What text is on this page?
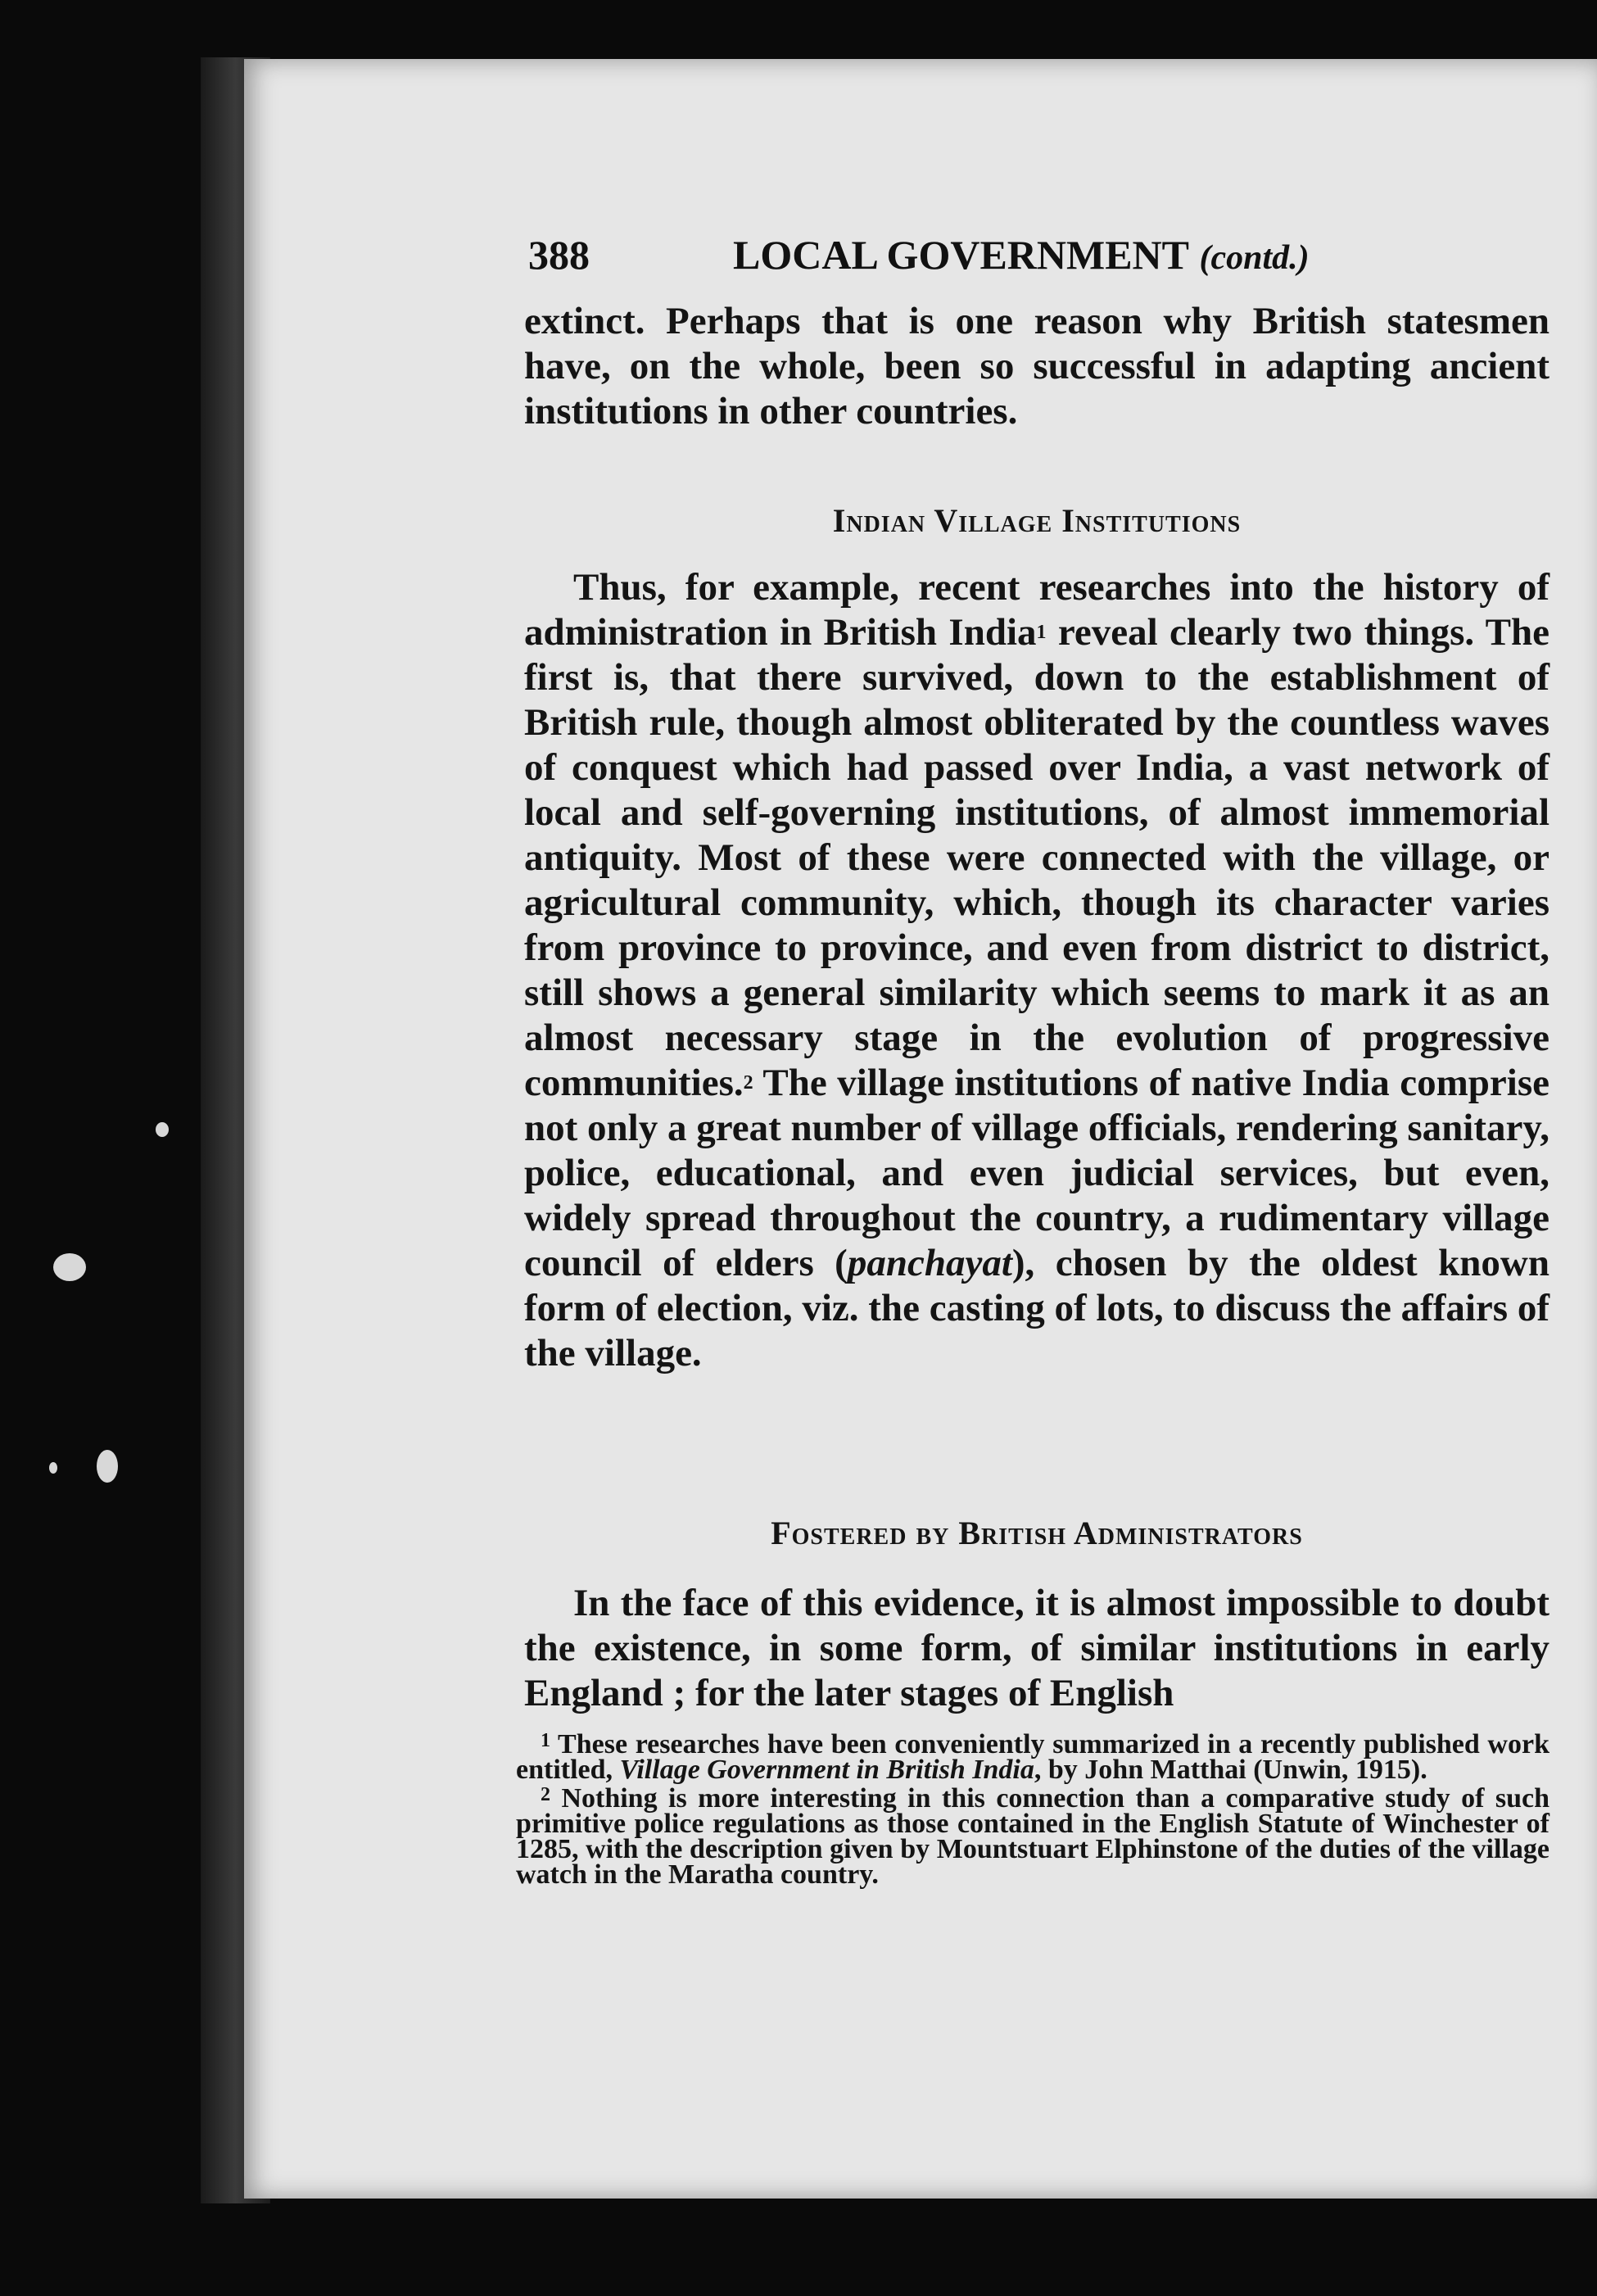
388	LOCAL GOVERNMENT (contd.)
extinct. Perhaps that is one reason why British statesmen have, on the whole, been so successful in adapting ancient institutions in other countries.
Indian Village Institutions
Thus, for example, recent researches into the history of administration in British India$^1$ reveal clearly two things. The first is, that there survived, down to the establishment of British rule, though almost obliterated by the countless waves of conquest which had passed over India, a vast network of local and self-governing institutions, of almost immemorial antiquity. Most of these were connected with the village, or agricultural community, which, though its character varies from province to province, and even from district to district, still shows a general similarity which seems to mark it as an almost necessary stage in the evolution of progressive communities.$^2$ The village institutions of native India comprise not only a great number of village officials, rendering sanitary, police, educational, and even judicial services, but even, widely spread throughout the country, a rudimentary village council of elders (panchayat), chosen by the oldest known form of election, viz. the casting of lots, to discuss the affairs of the village.
Fostered by British Administrators
In the face of this evidence, it is almost impossible to doubt the existence, in some form, of similar institutions in early England ; for the later stages of English

$^1$ These researches have been conveniently summarized in a recently published work entitled, Village Government in British India, by John Matthai (Unwin, 1915).

$^2$ Nothing is more interesting in this connection than a comparative study of such primitive police regulations as those contained in the English Statute of Winchester of 1285, with the description given by Mountstuart Elphinstone of the duties of the village watch in the Maratha country.
